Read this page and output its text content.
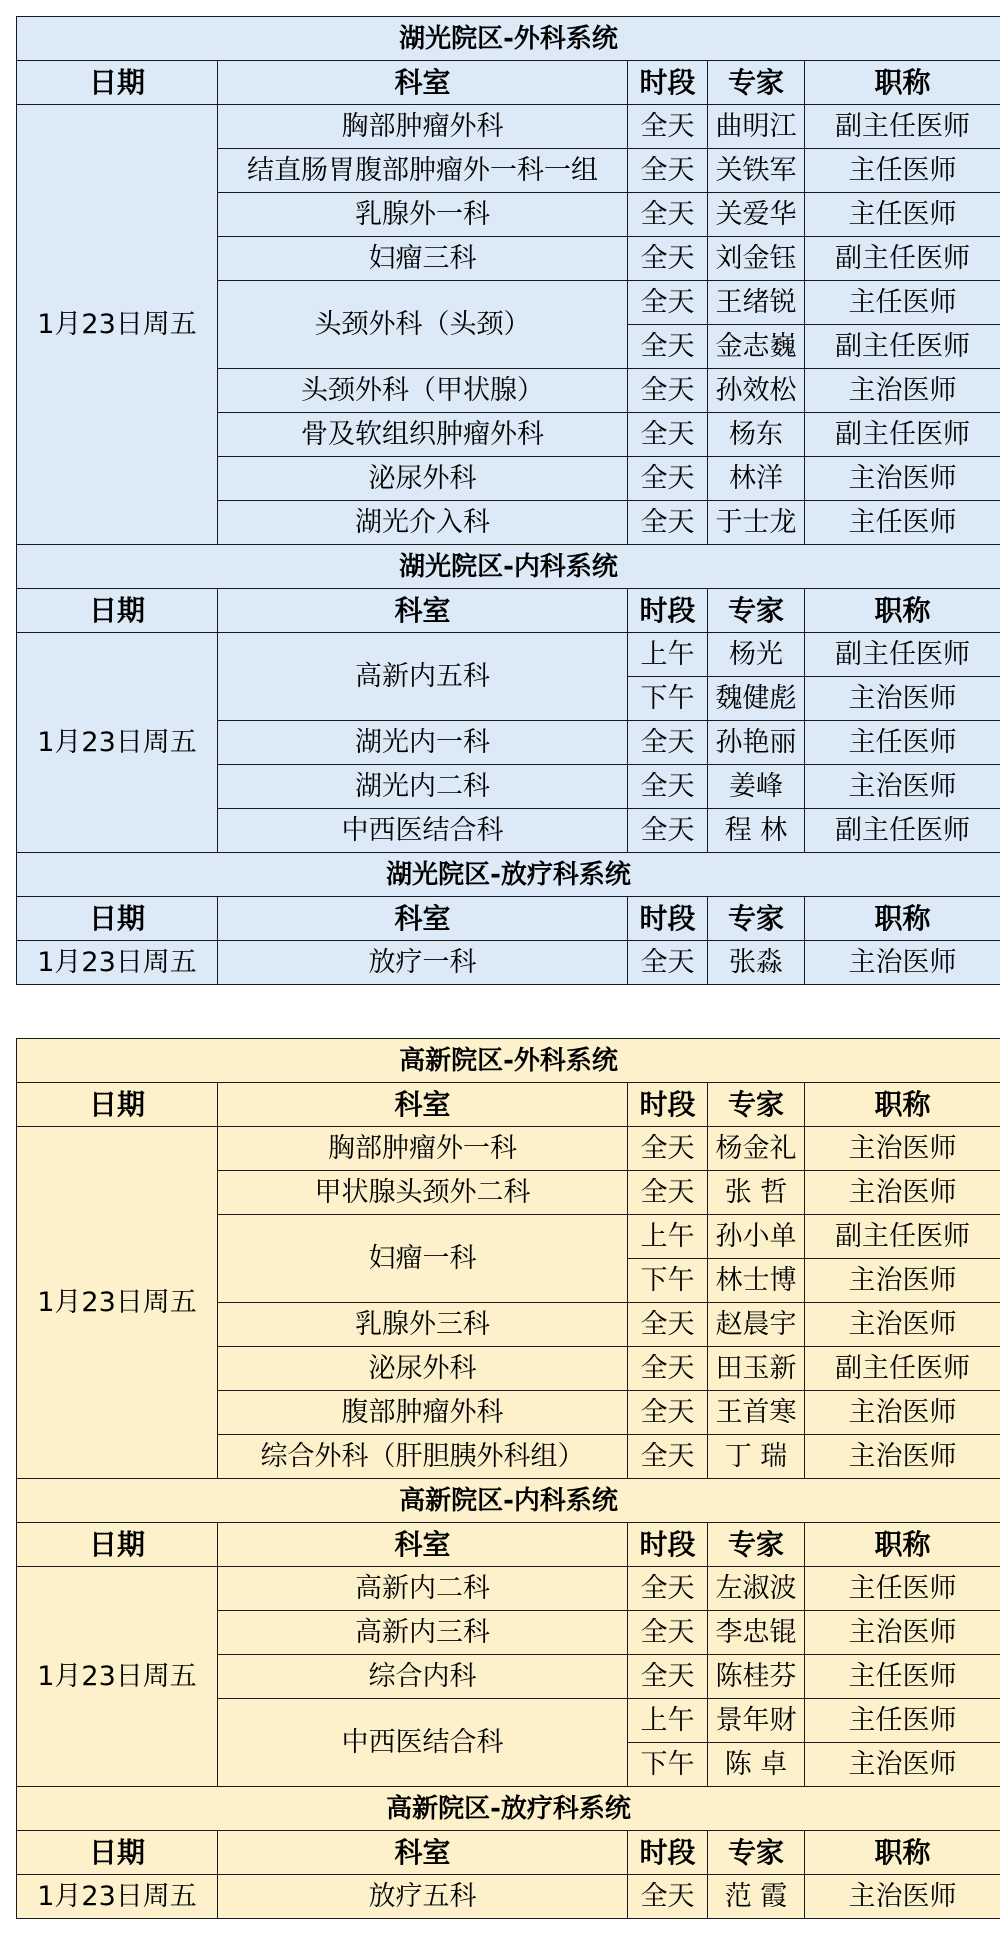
湖光院区-外科系统				
日期	科室	时段	专家	职称
1月23日周五	胸部肿瘤外科	全天	曲明江	副主任医师
	结直肠胃腹部肿瘤外一科一组	全天	关铁军	主任医师
	乳腺外一科	全天	关爱华	主任医师
	妇瘤三科	全天	刘金钰	副主任医师
	头颈外科（头颈）	全天	王绪锐	主任医师
		全天	金志巍	副主任医师
	头颈外科（甲状腺）	全天	孙效松	主治医师
	骨及软组织肿瘤外科	全天	杨东	副主任医师
	泌尿外科	全天	林洋	主治医师
	湖光介入科	全天	于士龙	主任医师
湖光院区-内科系统				
日期	科室	时段	专家	职称
1月23日周五	高新内五科	上午	杨光	副主任医师
		下午	魏健彪	主治医师
	湖光内一科	全天	孙艳丽	主任医师
	湖光内二科	全天	姜峰	主治医师
	中西医结合科	全天	程 林	副主任医师
湖光院区-放疗科系统				
日期	科室	时段	专家	职称
1月23日周五	放疗一科	全天	张淼	主治医师
高新院区-外科系统				
日期	科室	时段	专家	职称
1月23日周五	胸部肿瘤外一科	全天	杨金礼	主治医师
	甲状腺头颈外二科	全天	张 哲	主治医师
	妇瘤一科	上午	孙小单	副主任医师
		下午	林士博	主治医师
	乳腺外三科	全天	赵晨宇	主治医师
	泌尿外科	全天	田玉新	副主任医师
	腹部肿瘤外科	全天	王首寒	主治医师
	综合外科（肝胆胰外科组）	全天	丁 瑞	主治医师
高新院区-内科系统				
日期	科室	时段	专家	职称
1月23日周五	高新内二科	全天	左淑波	主任医师
	高新内三科	全天	李忠锟	主治医师
	综合内科	全天	陈桂芬	主任医师
	中西医结合科	上午	景年财	主任医师
		下午	陈 卓	主治医师
高新院区-放疗科系统				
日期	科室	时段	专家	职称
1月23日周五	放疗五科	全天	范 霞	主治医师
